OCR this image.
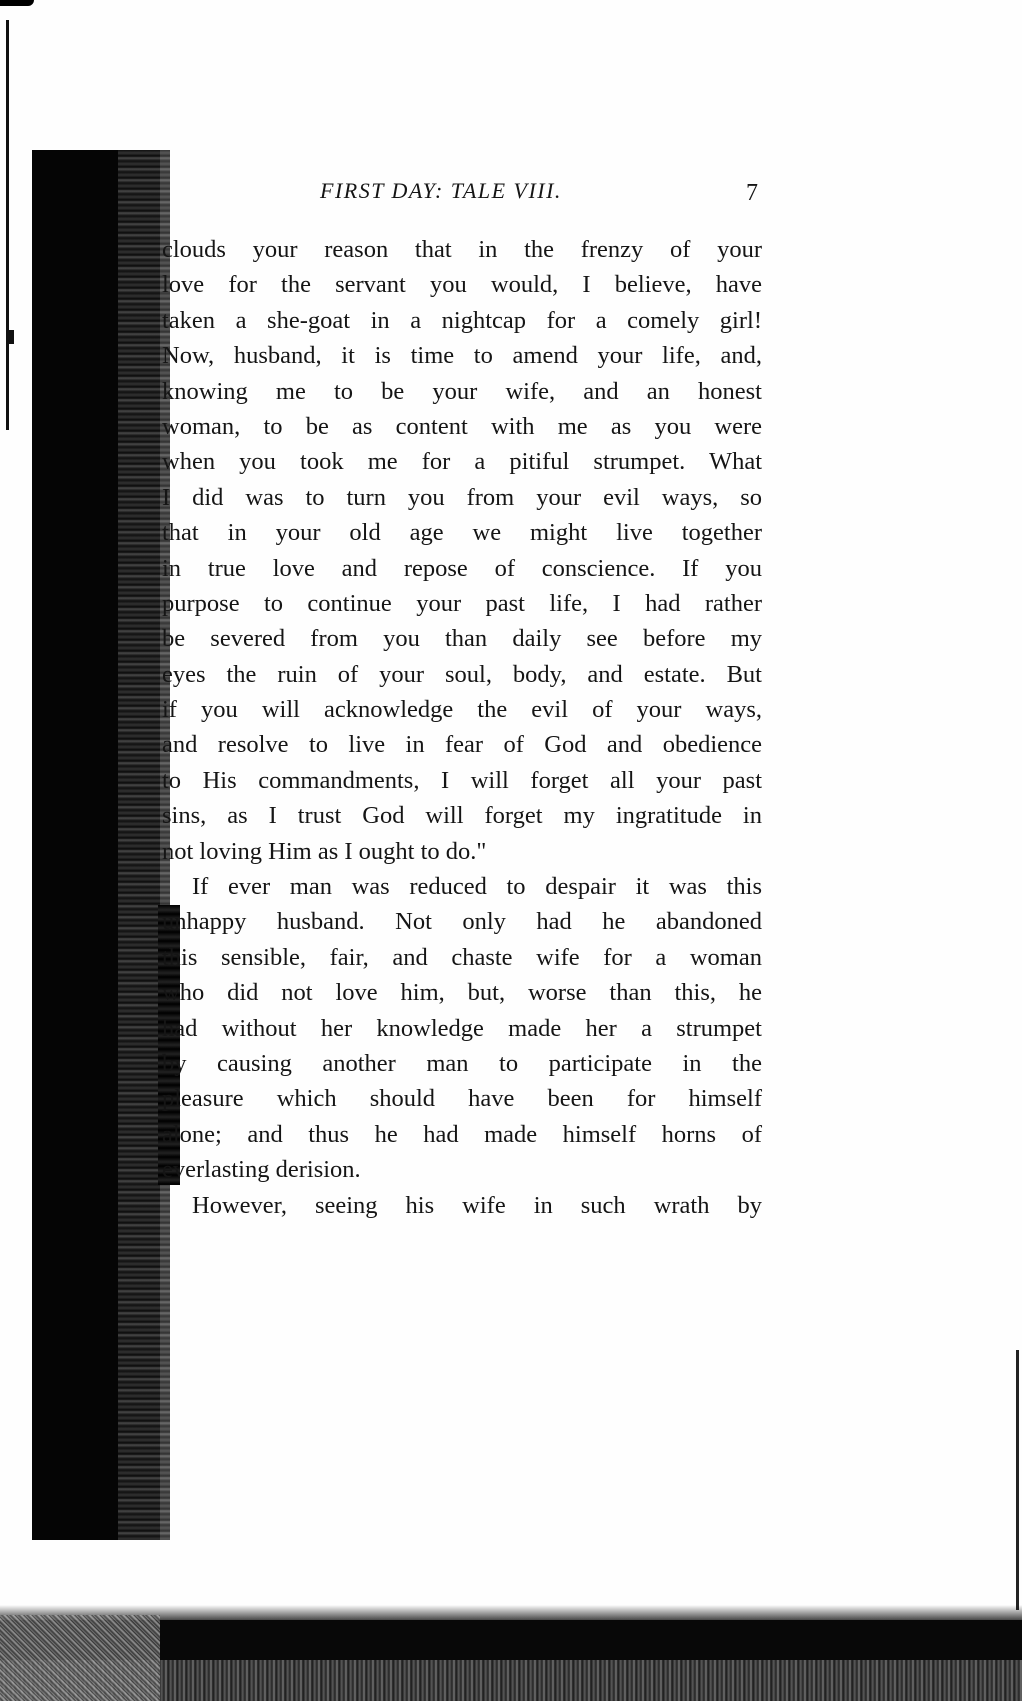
FIRST DAY: TALE VIII.	7
clouds your reason that in the frenzy of your
love for the servant you would, I believe, have
taken a she-goat in a nightcap for a comely girl!
Now, husband, it is time to amend your life, and,
knowing me to be your wife, and an honest
woman, to be as content with me as you were
when you took me for a pitiful strumpet. What
I did was to turn you from your evil ways, so
that in your old age we might live together
in true love and repose of conscience. If you
purpose to continue your past life, I had rather
be severed from you than daily see before my
eyes the ruin of your soul, body, and estate. But
if you will acknowledge the evil of your ways,
and resolve to live in fear of God and obedience
to His commandments, I will forget all your past
sins, as I trust God will forget my ingratitude in
not loving Him as I ought to do."
If ever man was reduced to despair it was this
unhappy husband. Not only had he abandoned
this sensible, fair, and chaste wife for a woman
who did not love him, but, worse than this, he
had without her knowledge made her a strumpet
by causing another man to participate in the
pleasure which should have been for himself
alone; and thus he had made himself horns of
everlasting derision.
However, seeing his wife in such wrath by
